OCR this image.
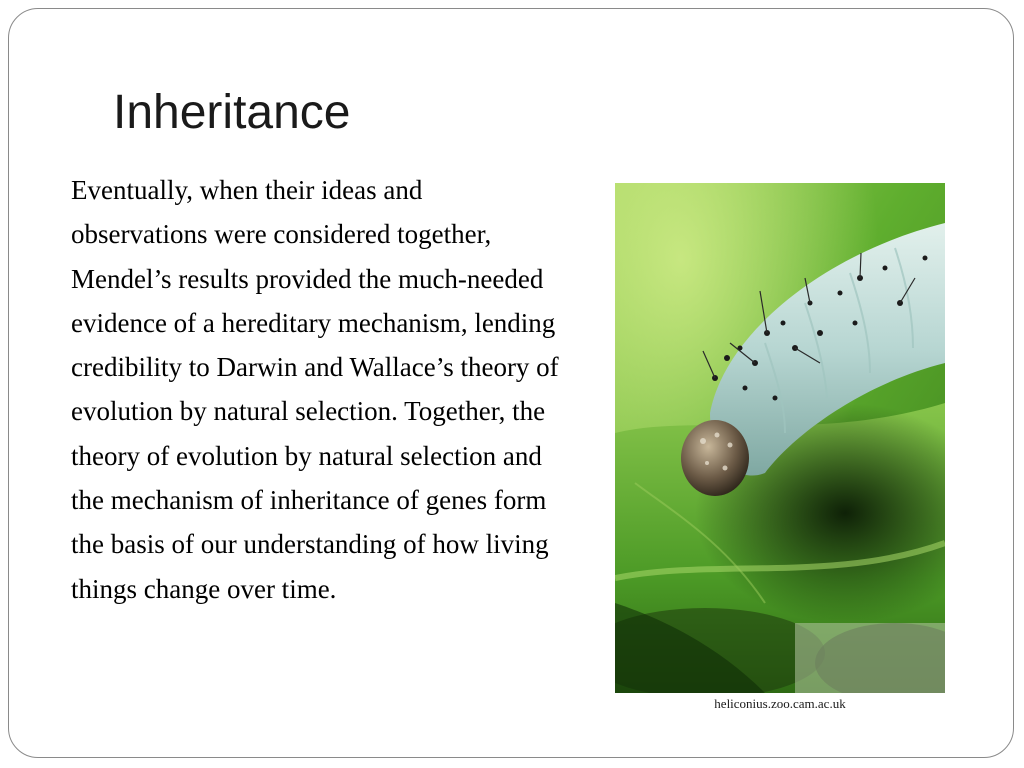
Inheritance

Eventually, when their ideas and observations were considered together, Mendel’s results provided the much-needed evidence of a hereditary mechanism, lending credibility to Darwin and Wallace’s theory of evolution by natural selection. Together, the theory of evolution by natural selection and the mechanism of inheritance of genes form the basis of our understanding of how living things change over time.

heliconius.zoo.cam.ac.uk
